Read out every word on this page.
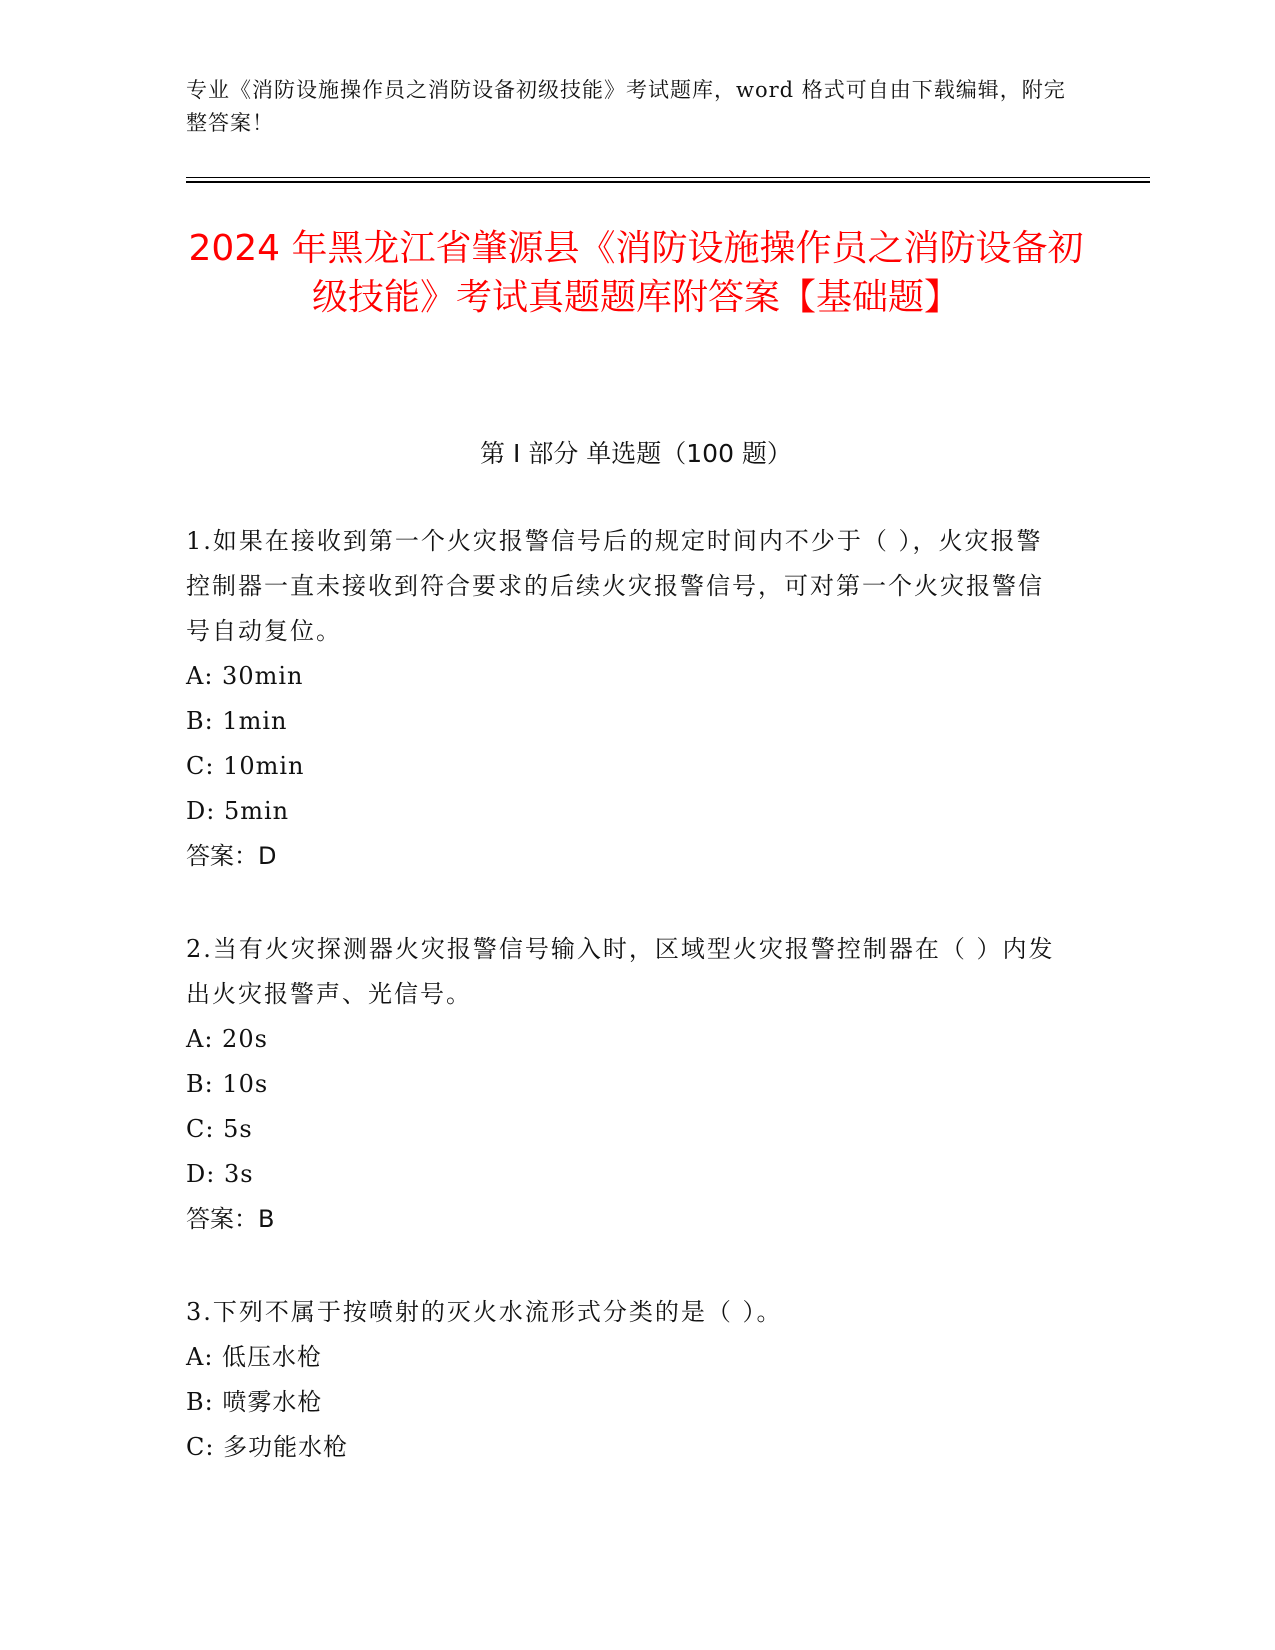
专业《消防设施操作员之消防设备初级技能》考试题库，word 格式可自由下载编辑，附完整答案！
2024 年黑龙江省肇源县《消防设施操作员之消防设备初级技能》考试真题题库附答案【基础题】
第 I 部分 单选题（100 题）

1.如果在接收到第一个火灾报警信号后的规定时间内不少于（ ），火灾报警控制器一直未接收到符合要求的后续火灾报警信号，可对第一个火灾报警信号自动复位。

A: 30min
B: 1min
C: 10min
D: 5min
答案：D

2.当有火灾探测器火灾报警信号输入时，区域型火灾报警控制器在（ ）内发出火灾报警声、光信号。

A: 20s
B: 10s
C: 5s
D: 3s
答案：B

3.下列不属于按喷射的灭火水流形式分类的是（ ）。

A: 低压水枪
B: 喷雾水枪
C: 多功能水枪
